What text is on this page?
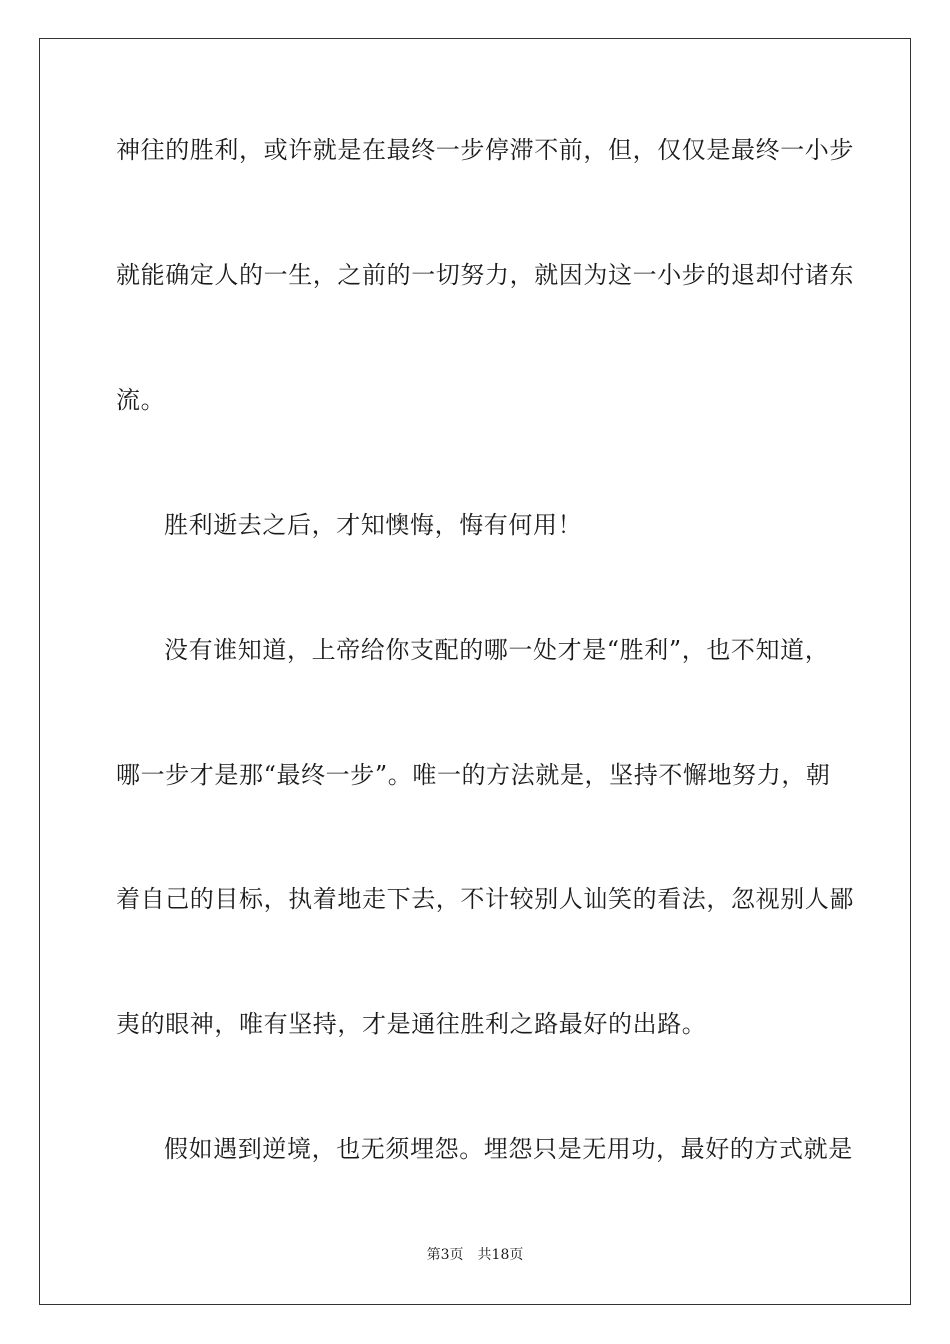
神往的胜利，或许就是在最终一步停滞不前，但，仅仅是最终一小步
就能确定人的一生，之前的一切努力，就因为这一小步的退却付诸东
流。
胜利逝去之后，才知懊悔，悔有何用！
没有谁知道，上帝给你支配的哪一处才是“胜利”，也不知道，
哪一步才是那“最终一步”。唯一的方法就是，坚持不懈地努力，朝
着自己的目标，执着地走下去，不计较别人讪笑的看法，忽视别人鄙
夷的眼神，唯有坚持，才是通往胜利之路最好的出路。
假如遇到逆境，也无须埋怨。埋怨只是无用功，最好的方式就是
第3页 共18页
